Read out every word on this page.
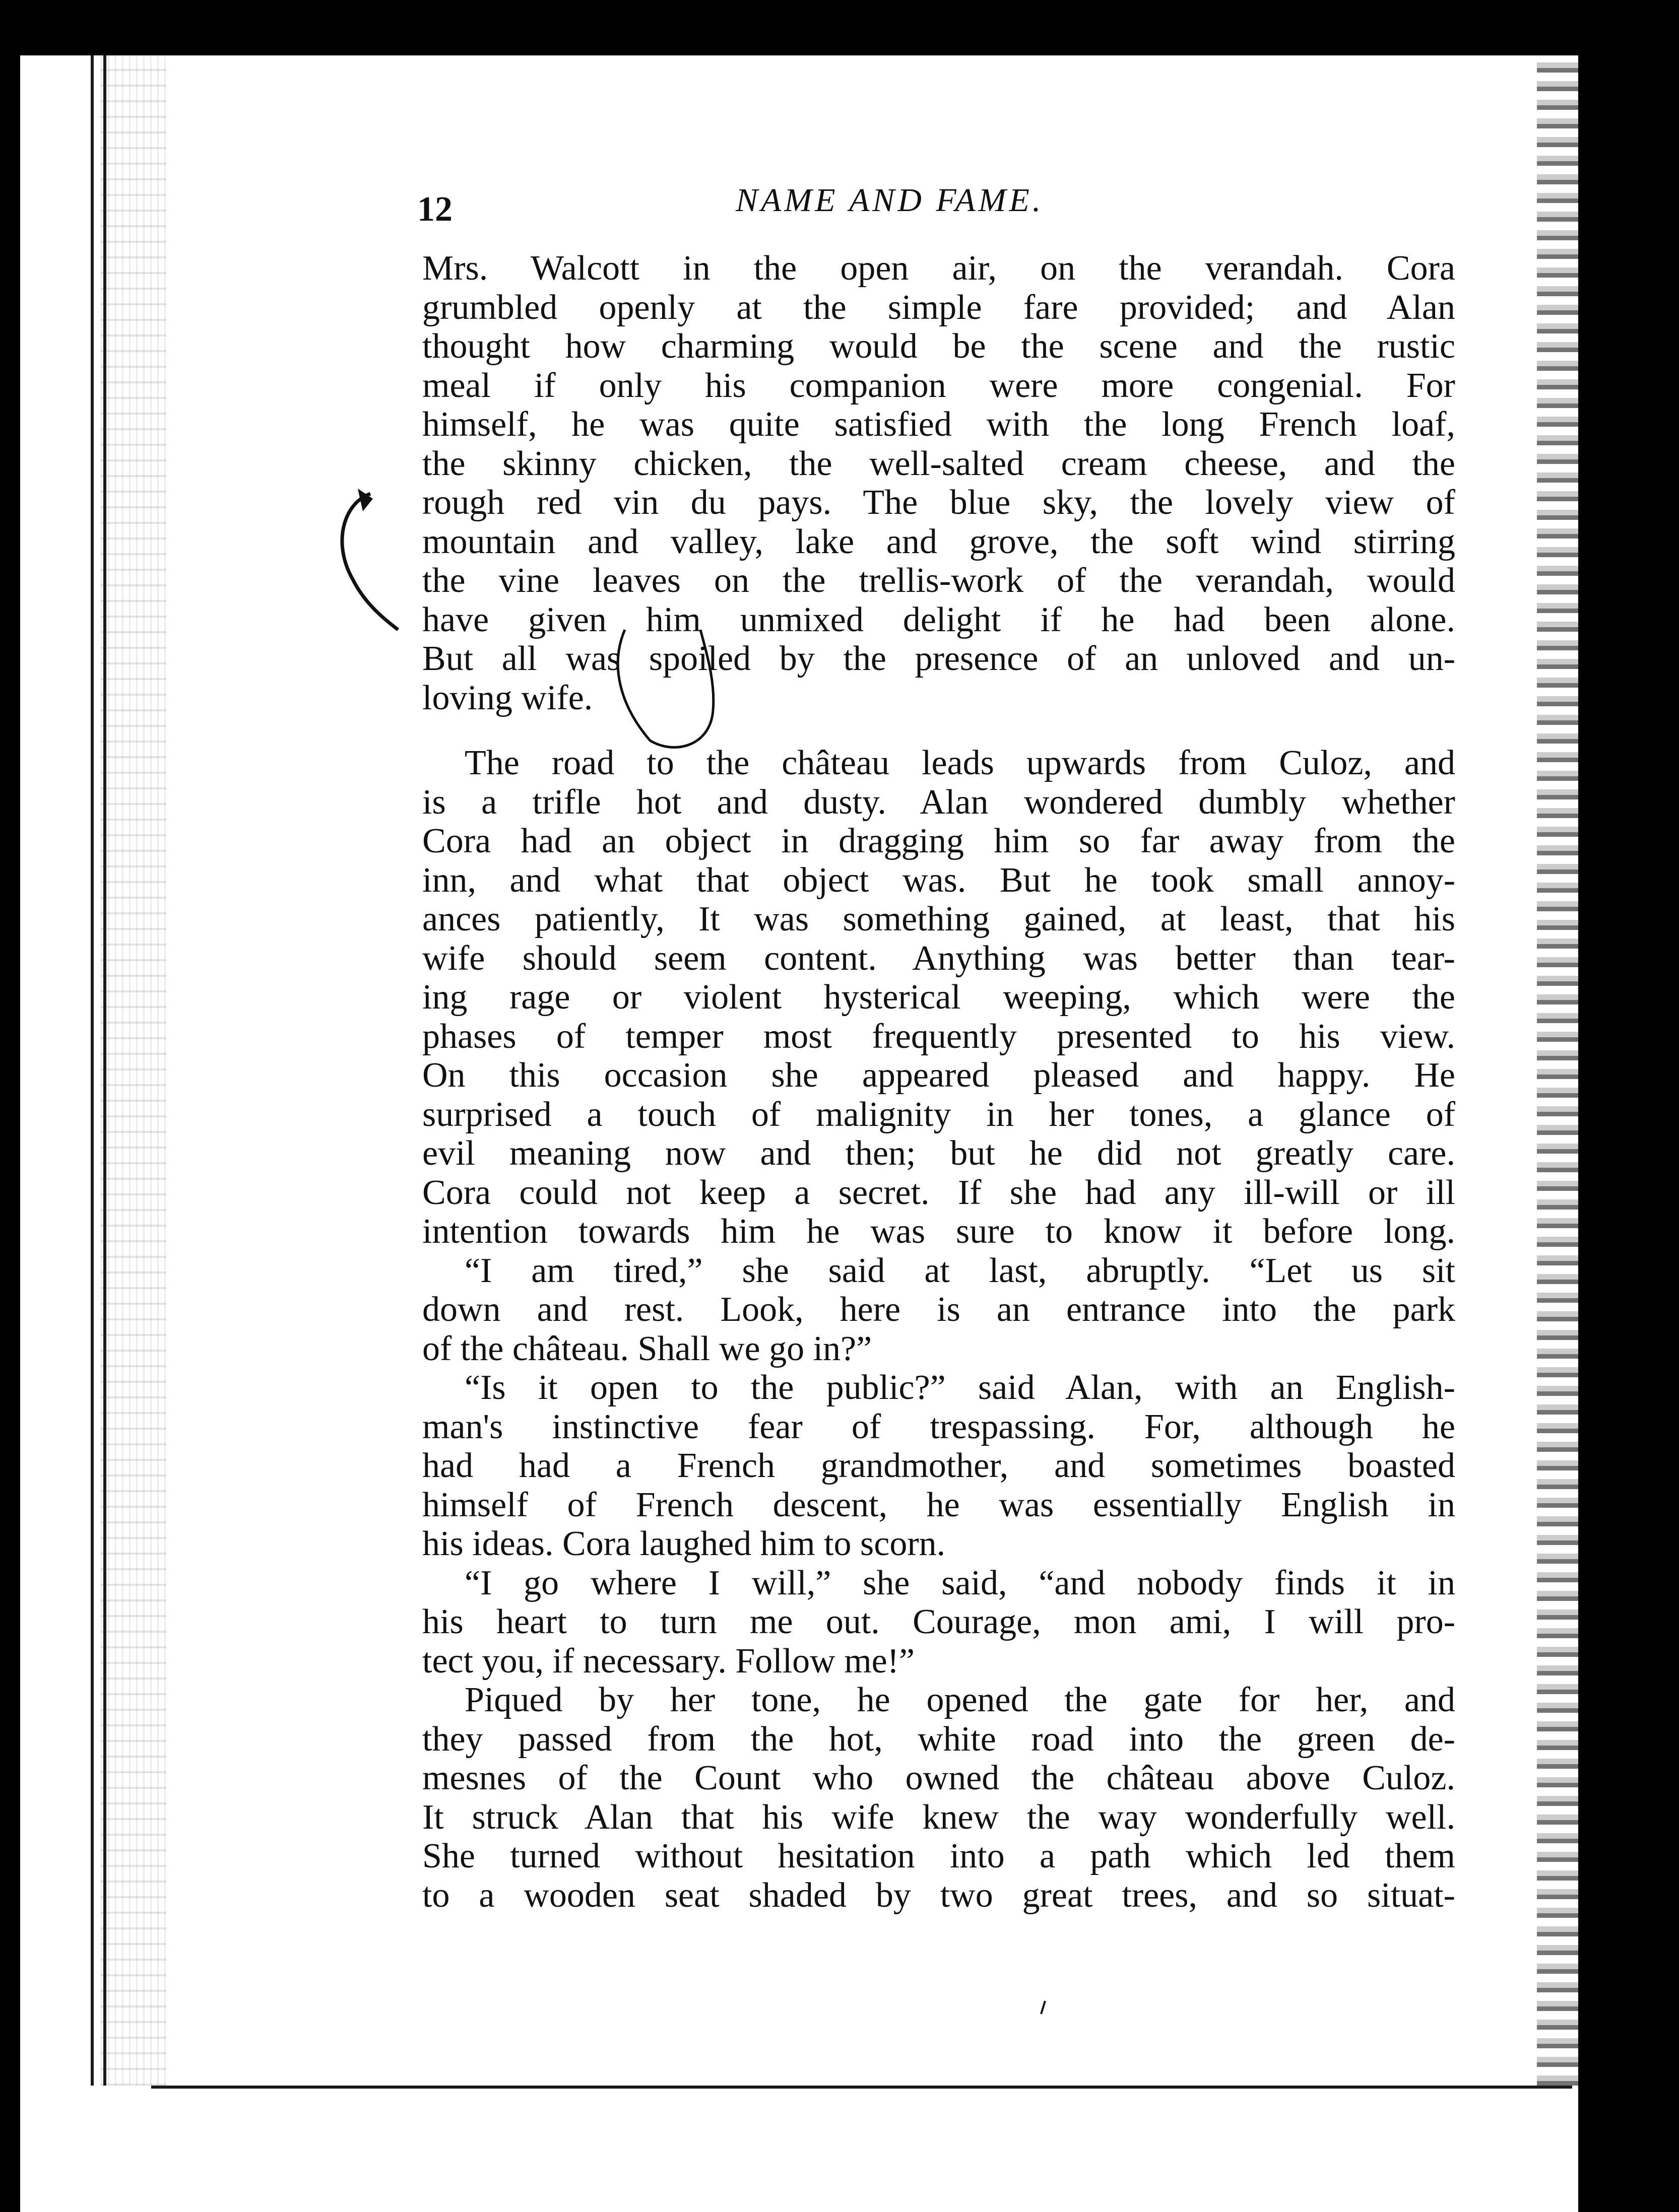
12	NAME AND FAME.
Mrs. Walcott in the open air, on the verandah. Cora
grumbled openly at the simple fare provided; and Alan
thought how charming would be the scene and the rustic
meal if only his companion were more congenial. For
himself, he was quite satisfied with the long French loaf,
the skinny chicken, the well-salted cream cheese, and the
rough red vin du pays. The blue sky, the lovely view of
mountain and valley, lake and grove, the soft wind stirring
the vine leaves on the trellis-work of the verandah, would
have given him unmixed delight if he had been alone.
But all was spoiled by the presence of an unloved and un-
loving wife.
The road to the château leads upwards from Culoz, and
is a trifle hot and dusty. Alan wondered dumbly whether
Cora had an object in dragging him so far away from the
inn, and what that object was. But he took small annoy-
ances patiently, It was something gained, at least, that his
wife should seem content. Anything was better than tear-
ing rage or violent hysterical weeping, which were the
phases of temper most frequently presented to his view.
On this occasion she appeared pleased and happy. He
surprised a touch of malignity in her tones, a glance of
evil meaning now and then; but he did not greatly care.
Cora could not keep a secret. If she had any ill-will or ill
intention towards him he was sure to know it before long.
“I am tired,” she said at last, abruptly. “Let us sit
down and rest. Look, here is an entrance into the park
of the château. Shall we go in?”
“Is it open to the public?” said Alan, with an English-
man's instinctive fear of trespassing. For, although he
had had a French grandmother, and sometimes boasted
himself of French descent, he was essentially English in
his ideas. Cora laughed him to scorn.
“I go where I will,” she said, “and nobody finds it in
his heart to turn me out. Courage, mon ami, I will pro-
tect you, if necessary. Follow me!”
Piqued by her tone, he opened the gate for her, and
they passed from the hot, white road into the green de-
mesnes of the Count who owned the château above Culoz.
It struck Alan that his wife knew the way wonderfully well.
She turned without hesitation into a path which led them
to a wooden seat shaded by two great trees, and so situat-
